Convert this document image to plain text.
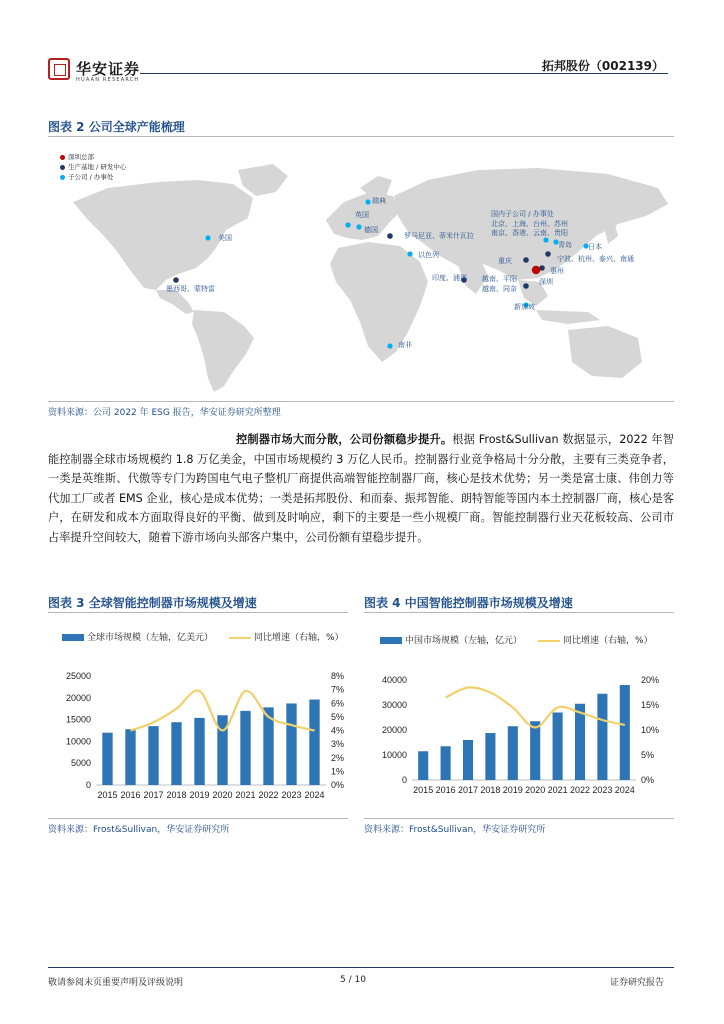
华安证券
HUAAN RESEARCH
拓邦股份（002139）
图表 2 公司全球产能梳理
深圳总部
生产基地 / 研发中心
子公司 / 办事处
瑞典
英国
德国
美国	罗马尼亚、蒂米什瓦拉
以色列
墨西哥、蒙特雷
印度、浦那 越南、平阳
越南、同奈
新加坡
南非
国内子公司 / 办事处
北京、上海、台州、苏州
南京、香港、云南、贵阳
青岛 日本
宁波、杭州、泰兴、南通
重庆
惠州
深圳
资料来源：公司 2022 年 ESG 报告，华安证券研究所整理
控制器市场大而分散，公司份额稳步提升。根据 Frost&Sullivan 数据显示，2022 年智能控制器全球市场规模约 1.8 万亿美金，中国市场规模约 3 万亿人民币。控制器行业竞争格局十分分散，主要有三类竞争者，一类是英维斯、代傲等专门为跨国电气电子整机厂商提供高端智能控制器厂商，核心是技术优势；另一类是富士康、伟创力等代加工厂或者 EMS 企业，核心是成本优势；一类是拓邦股份、和而泰、振邦智能、朗特智能等国内本土控制器厂商，核心是客户，在研发和成本方面取得良好的平衡、做到及时响应，剩下的主要是一些小规模厂商。智能控制器行业天花板较高、公司市占率提升空间较大，随着下游市场向头部客户集中，公司份额有望稳步提升。
图表 3 全球智能控制器市场规模及增速
全球市场规模（左轴，亿美元）	同比增速（右轴，%）
0
5000
10000
15000
20000
25000
0%
1%
2%
3%
4%
5%
6%
7%
8%
2015 2016 2017 2018 2019 2020 2021 2022 2023 2024
资料来源：Frost&Sullivan，华安证券研究所
图表 4 中国智能控制器市场规模及增速
中国市场规模（左轴，亿元）	同比增速（右轴，%）
0
10000
20000
30000
40000
0%
5%
10%
15%
20%
2015 2016 2017 2018 2019 2020 2021 2022 2023 2024
资料来源：Frost&Sullivan，华安证券研究所
敬请参阅末页重要声明及评级说明	5 / 10	证券研究报告
